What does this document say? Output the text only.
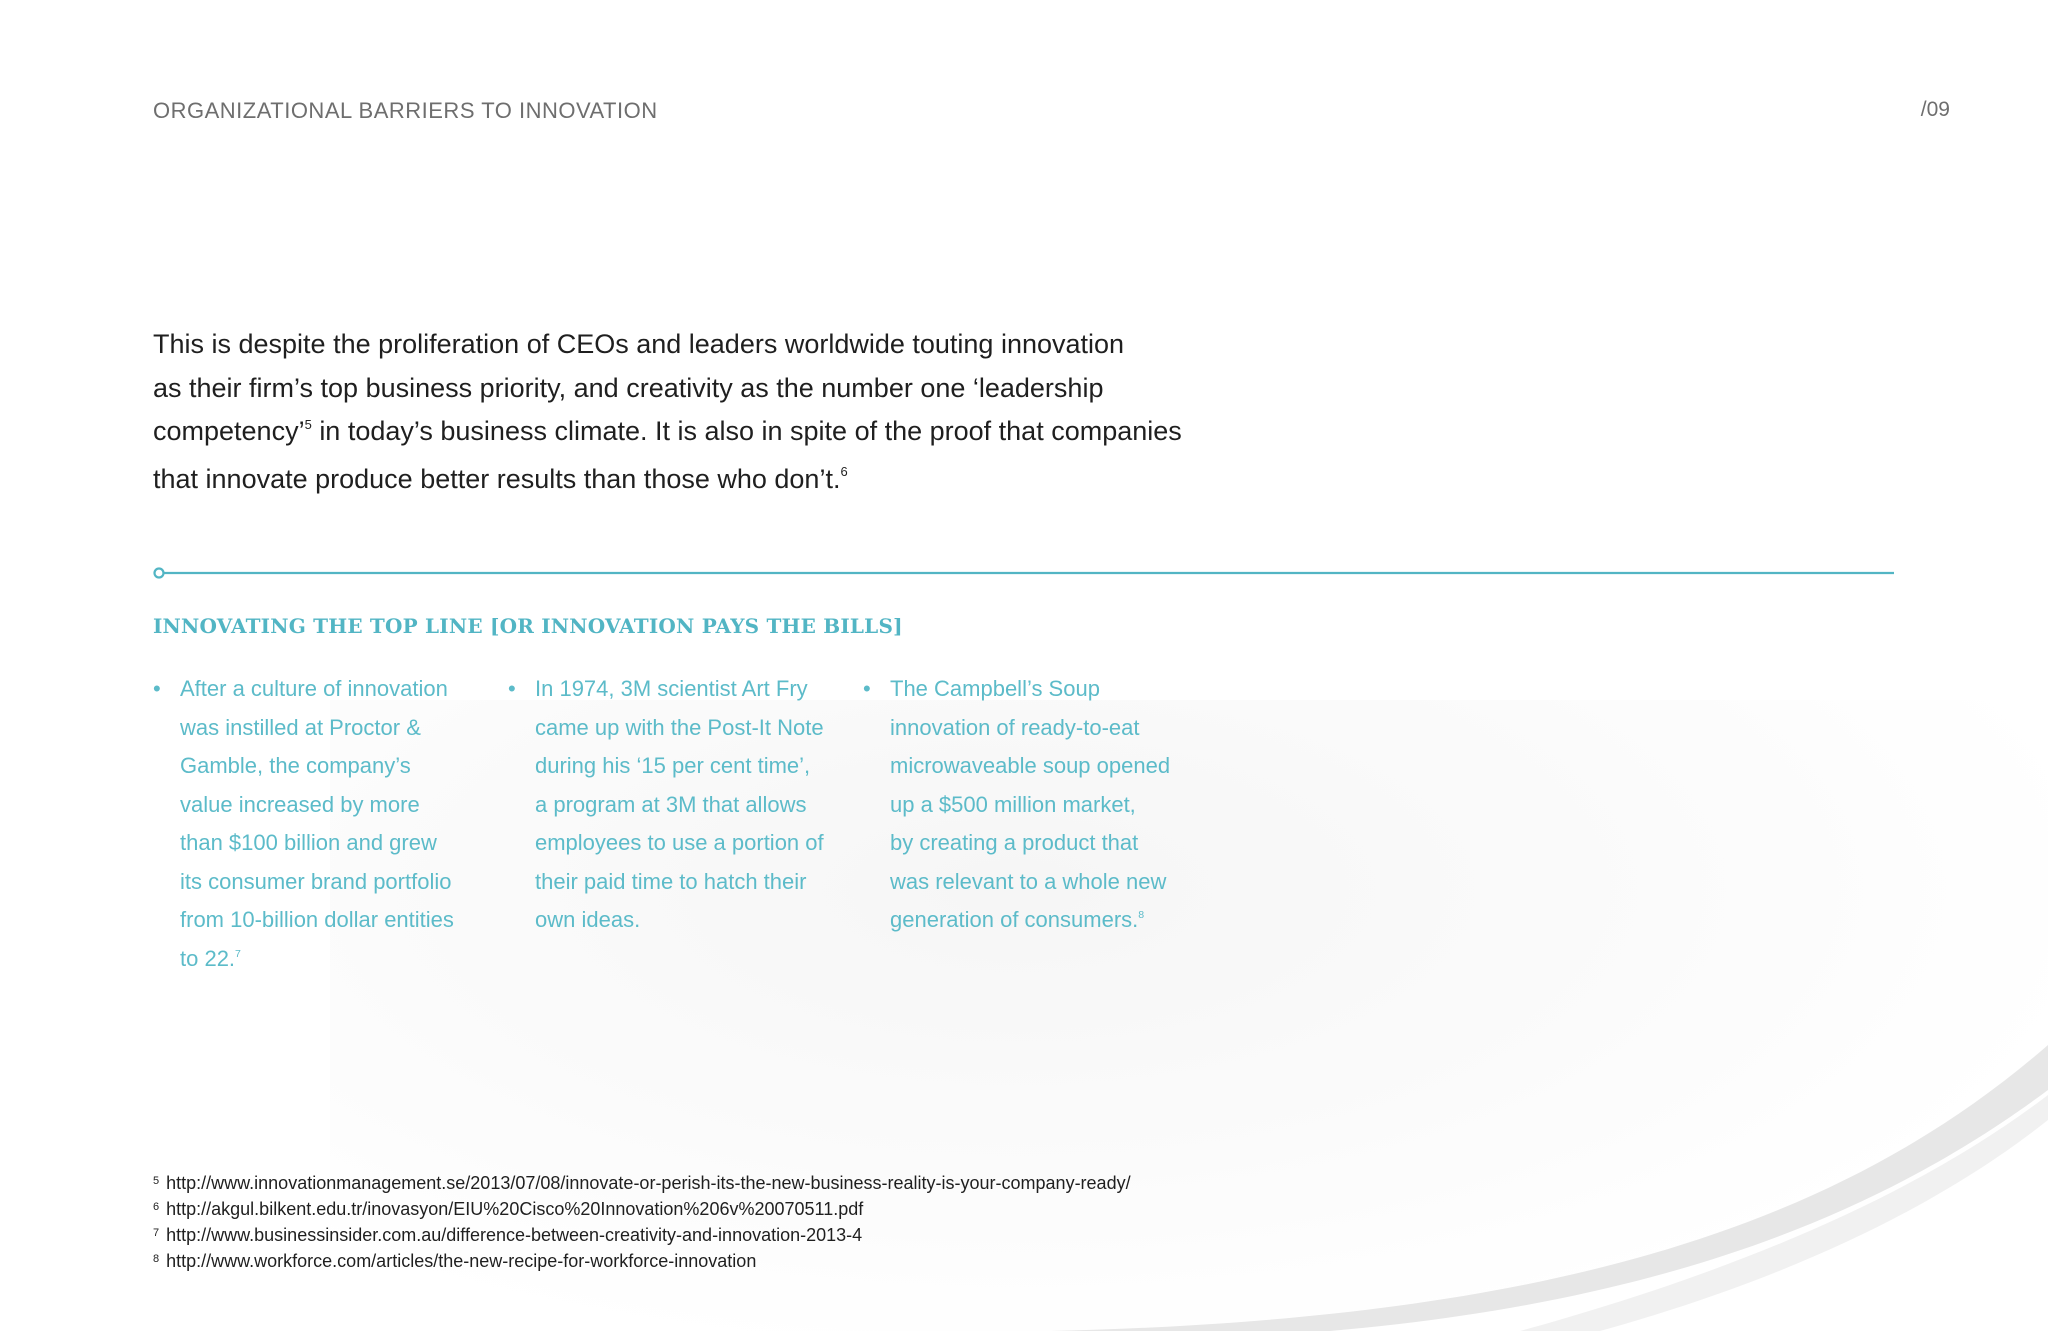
ORGANIZATIONAL BARRIERS TO INNOVATION	/09
This is despite the proliferation of CEOs and leaders worldwide touting innovation
as their firm’s top business priority, and creativity as the number one ‘leadership
competency’$^5$ in today’s business climate. It is also in spite of the proof that companies
that innovate produce better results than those who don’t.$^6$
INNOVATING THE TOP LINE [OR INNOVATION PAYS THE BILLS]
• After a culture of innovation
was instilled at Proctor &
Gamble, the company’s
value increased by more
than $100 billion and grew
its consumer brand portfolio
from 10-billion dollar entities
to 22.$^7$
• In 1974, 3M scientist Art Fry
came up with the Post-It Note
during his ‘15 per cent time’,
a program at 3M that allows
employees to use a portion of
their paid time to hatch their
own ideas.
• The Campbell’s Soup
innovation of ready-to-eat
microwaveable soup opened
up a $500 million market,
by creating a product that
was relevant to a whole new
generation of consumers.$^8$
$^5$ http://www.innovationmanagement.se/2013/07/08/innovate-or-perish-its-the-new-business-reality-is-your-company-ready/
$^6$ http://akgul.bilkent.edu.tr/inovasyon/EIU%20Cisco%20Innovation%206v%20070511.pdf
$^7$ http://www.businessinsider.com.au/difference-between-creativity-and-innovation-2013-4
$^8$ http://www.workforce.com/articles/the-new-recipe-for-workforce-innovation
